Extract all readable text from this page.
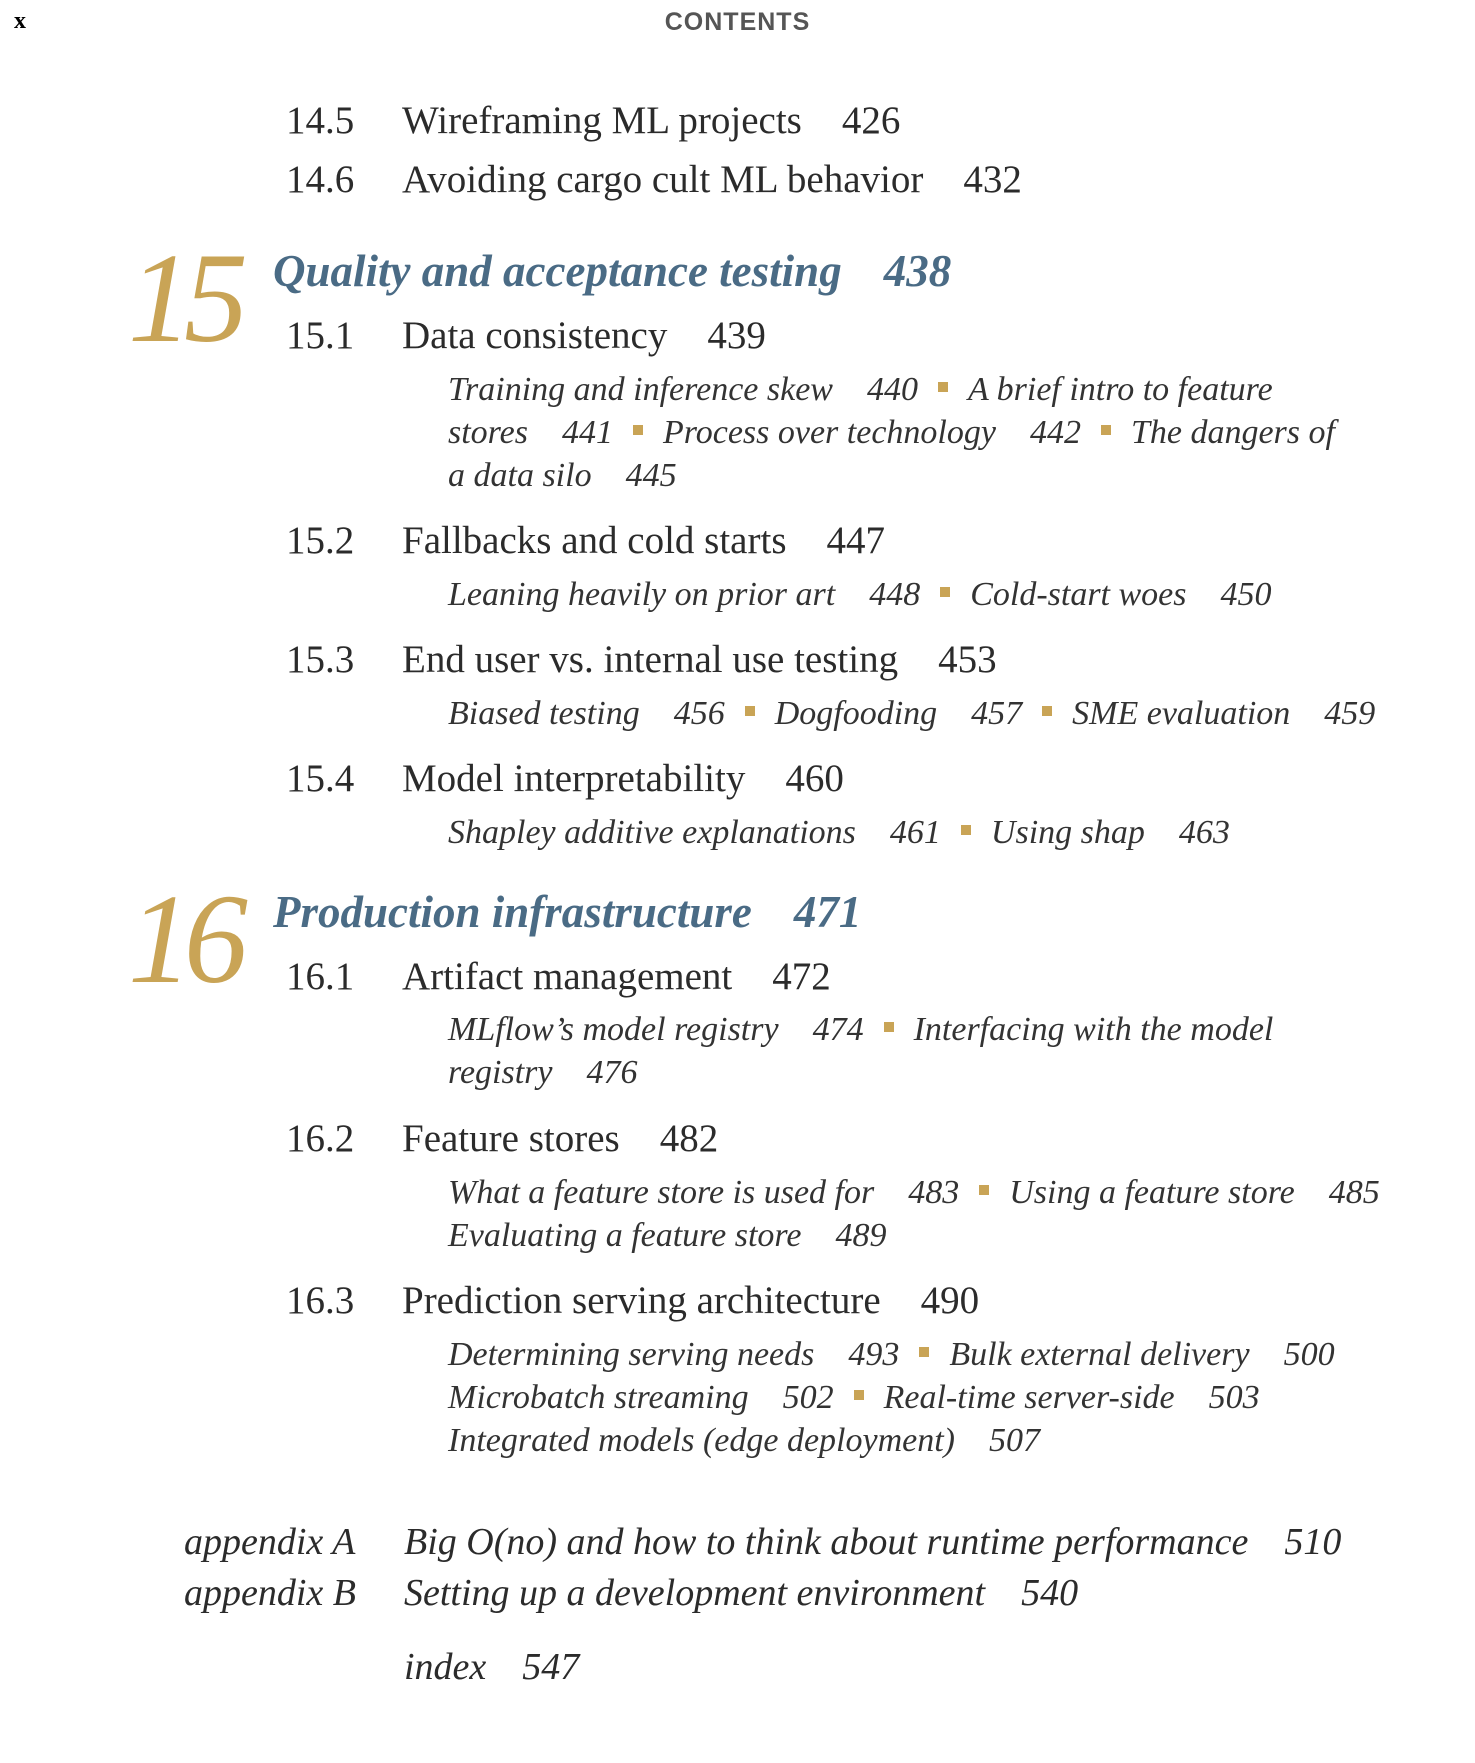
x	CONTENTS
14.5 Wireframing ML projects 426
14.6 Avoiding cargo cult ML behavior 432
15 Quality and acceptance testing 438
15.1 Data consistency 439
Training and inference skew 440 A brief intro to feature
stores 441 Process over technology 442 The dangers of
a data silo 445
15.2 Fallbacks and cold starts 447
Leaning heavily on prior art 448 Cold-start woes 450
15.3 End user vs. internal use testing 453
Biased testing 456 Dogfooding 457 SME evaluation 459
15.4 Model interpretability 460
Shapley additive explanations 461 Using shap 463
16 Production infrastructure 471
16.1 Artifact management 472
MLflow’s model registry 474 Interfacing with the model
registry 476
16.2 Feature stores 482
What a feature store is used for 483 Using a feature store 485
Evaluating a feature store 489
16.3 Prediction serving architecture 490
Determining serving needs 493 Bulk external delivery 500
Microbatch streaming 502 Real-time server-side 503
Integrated models (edge deployment) 507
appendix A Big O(no) and how to think about runtime performance 510
appendix B Setting up a development environment 540
index 547
